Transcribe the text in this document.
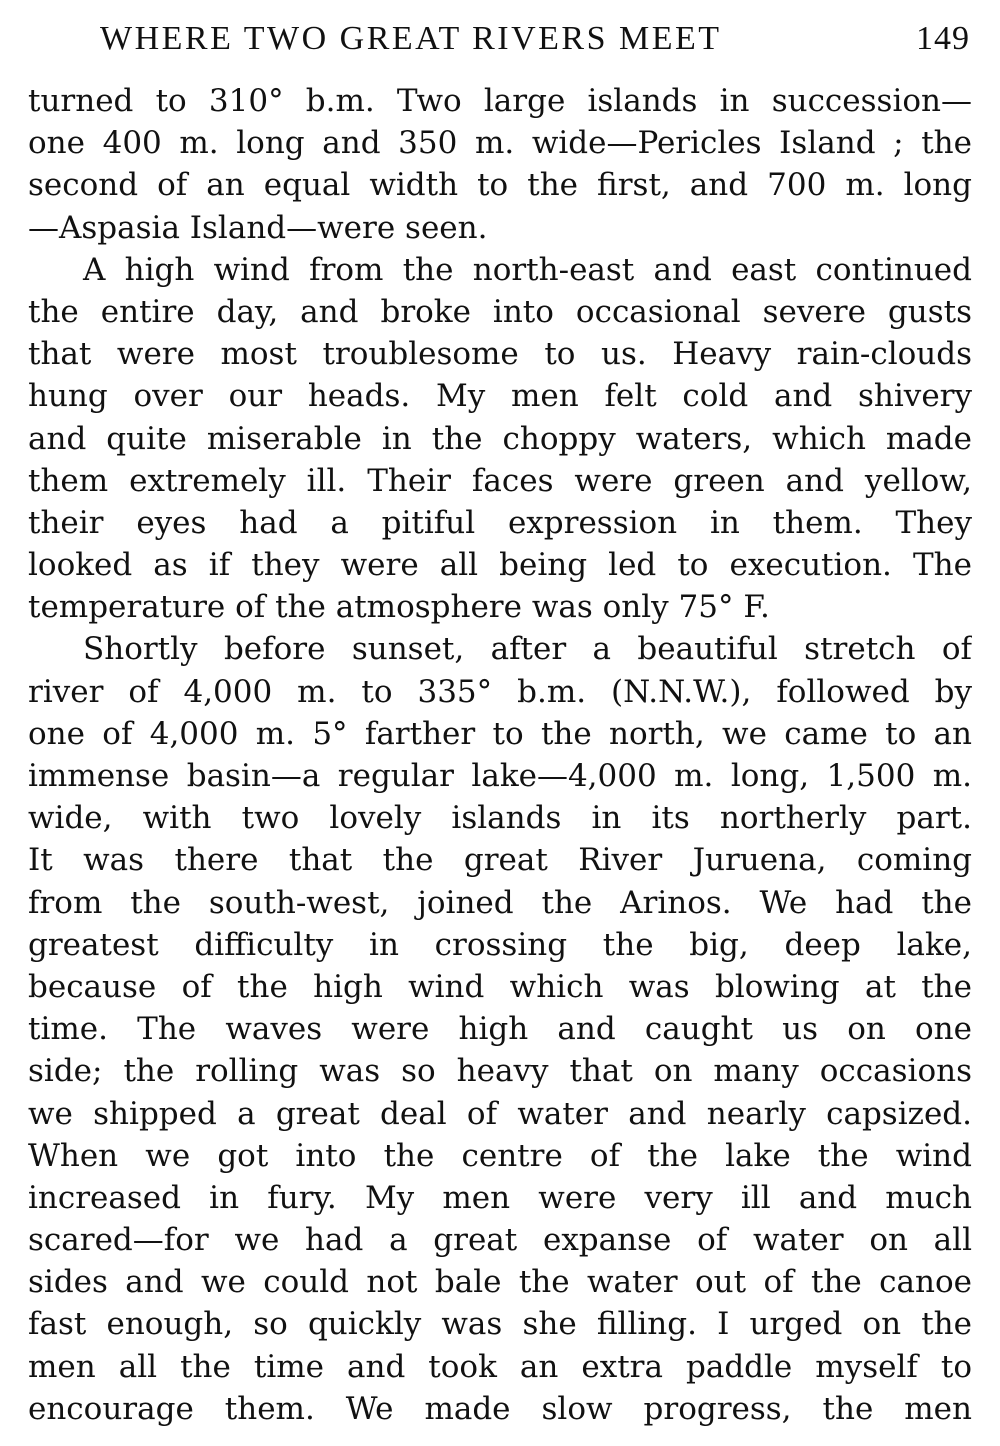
WHERE TWO GREAT RIVERS MEET	149
turned to 310° b.m. Two large islands in succession—
one 400 m. long and 350 m. wide—Pericles Island ; the
second of an equal width to the first, and 700 m. long
—Aspasia Island—were seen.
A high wind from the north-east and east continued
the entire day, and broke into occasional severe gusts
that were most troublesome to us. Heavy rain-clouds
hung over our heads. My men felt cold and shivery
and quite miserable in the choppy waters, which made
them extremely ill. Their faces were green and yellow,
their eyes had a pitiful expression in them. They
looked as if they were all being led to execution. The
temperature of the atmosphere was only 75° F.
Shortly before sunset, after a beautiful stretch of
river of 4,000 m. to 335° b.m. (N.N.W.), followed by
one of 4,000 m. 5° farther to the north, we came to an
immense basin—a regular lake—4,000 m. long, 1,500 m.
wide, with two lovely islands in its northerly part.
It was there that the great River Juruena, coming
from the south-west, joined the Arinos. We had the
greatest difficulty in crossing the big, deep lake,
because of the high wind which was blowing at the
time. The waves were high and caught us on one
side; the rolling was so heavy that on many occasions
we shipped a great deal of water and nearly capsized.
When we got into the centre of the lake the wind
increased in fury. My men were very ill and much
scared—for we had a great expanse of water on all
sides and we could not bale the water out of the canoe
fast enough, so quickly was she filling. I urged on the
men all the time and took an extra paddle myself to
encourage them. We made slow progress, the men
